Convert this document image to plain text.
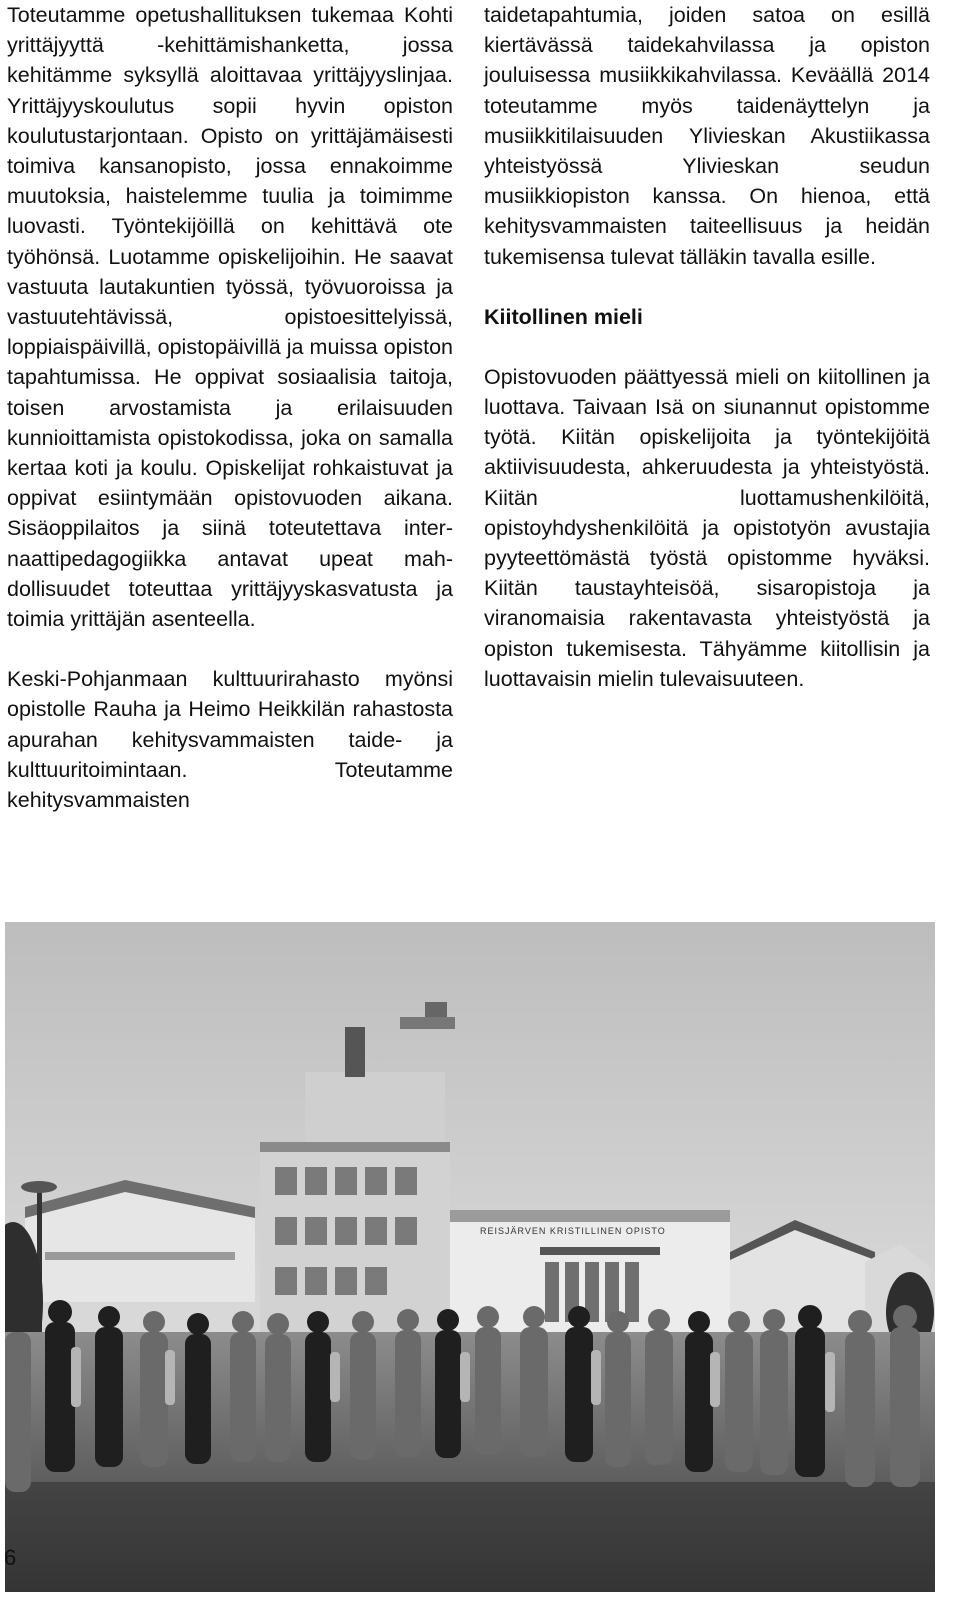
Toteutamme opetushallituksen tukemaa Kohti yrittäjyyttä -kehittämishanketta, jossa kehitämme syksyllä aloittavaa yrittäjyyslinjaa. Yrittäjyyskoulutus sopii hyvin opiston koulutustarjontaan. Opisto on yrittäjämäisesti toimiva kansanopisto, jossa ennakoimme muutoksia, haistelemme tuulia ja toimimme luovasti. Työntekijöillä on kehittävä ote työhönsä. Luotamme opiskelijoihin. He saavat vastuuta lautakuntien työssä, työvuoroissa ja vastuutehtävissä, opistoesittelyissä, loppiaispäivillä, opistopäivillä ja muissa opiston tapahtumissa. He oppivat sosiaalisia taitoja, toisen arvostamista ja erilaisuuden kunnioittamista opistokodissa, joka on samalla kertaa koti ja koulu. Opiskelijat rohkaistuvat ja oppivat esiintymään opistovuoden aikana. Sisäoppilaitos ja siinä toteutettava internaattipedagogiikka antavat upeat mahdollisuudet toteuttaa yrittäjyyskasvatusta ja toimia yrittäjän asenteella.

Keski-Pohjanmaan kulttuurirahasto myönsi opistolle Rauha ja Heimo Heikkilän rahastosta apurahan kehitysvammaisten taide- ja kulttuuritoimintaan. Toteutamme kehitysvammaisten

taidetapahtumia, joiden satoa on esillä kiertävässä taidekahvilassa ja opiston jouluisessa musiikkikahvilassa. Keväällä 2014 toteutamme myös taidenäyttelyn ja musiikkitilaisuuden Ylivieskan Akustiikassa yhteistyössä Ylivieskan seudun musiikkiopiston kanssa. On hienoa, että kehitysvammaisten taiteellisuus ja heidän tukemisensa tulevat tälläkin tavalla esille.

Kiitollinen mieli

Opistovuoden päättyessä mieli on kiitollinen ja luottava. Taivaan Isä on siunannut opistomme työtä. Kiitän opiskelijoita ja työntekijöitä aktiivisuudesta, ahkeruudesta ja yhteistyöstä. Kiitän luottamushenkilöitä, opistoyhdyshenkilöitä ja opistotyön avustajia pyyteettömästä työstä opistomme hyväksi. Kiitän taustayhteisöä, sisaropistoja ja viranomaisia rakentavasta yhteistyöstä ja opiston tukemisesta. Tähyämme kiitollisin ja luottavaisin mielin tulevaisuuteen.

REISJÄRVEN KRISTILLINEN OPISTO
6
